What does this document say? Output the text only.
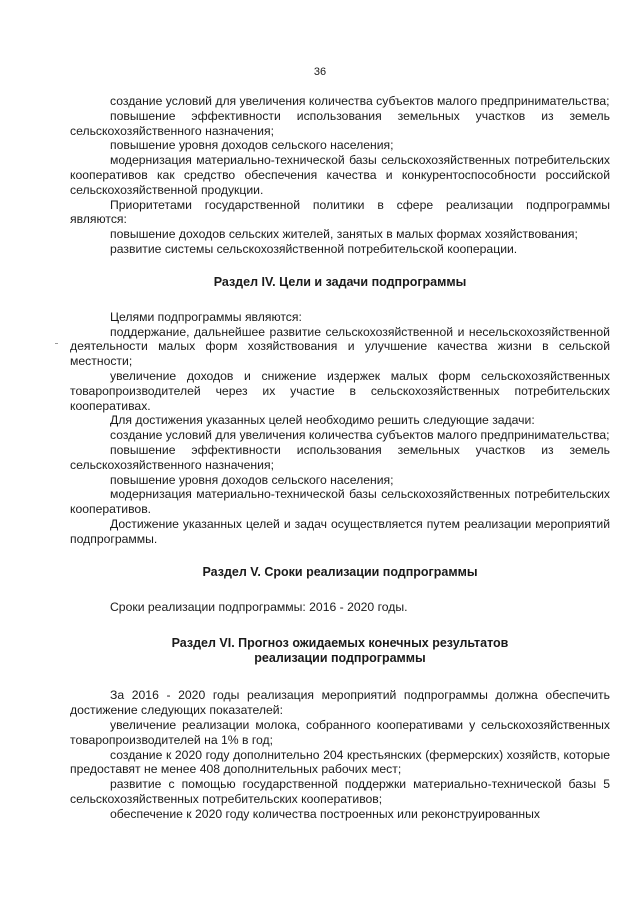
36

создание условий для увеличения количества субъектов малого предпринимательства;

повышение эффективности использования земельных участков из земель сельскохозяйственного назначения;

повышение уровня доходов сельского населения;

модернизация материально-технической базы сельскохозяйственных потребительских кооперативов как средство обеспечения качества и конкурентоспособности российской сельскохозяйственной продукции.

Приоритетами государственной политики в сфере реализации подпрограммы являются:

повышение доходов сельских жителей, занятых в малых формах хозяйствования;

развитие системы сельскохозяйственной потребительской кооперации.

Раздел IV. Цели и задачи подпрограммы

Целями подпрограммы являются:

поддержание, дальнейшее развитие сельскохозяйственной и несельскохозяйственной деятельности малых форм хозяйствования и улучшение качества жизни в сельской местности;

увеличение доходов и снижение издержек малых форм сельскохозяйственных товаропроизводителей через их участие в сельскохозяйственных потребительских кооперативах.

Для достижения указанных целей необходимо решить следующие задачи:

создание условий для увеличения количества субъектов малого предпринимательства;

повышение эффективности использования земельных участков из земель сельскохозяйственного назначения;

повышение уровня доходов сельского населения;

модернизация материально-технической базы сельскохозяйственных потребительских кооперативов.

Достижение указанных целей и задач осуществляется путем реализации мероприятий подпрограммы.

Раздел V. Сроки реализации подпрограммы

Сроки реализации подпрограммы: 2016 - 2020 годы.

Раздел VI. Прогноз ожидаемых конечных результатов
реализации подпрограммы

За 2016 - 2020 годы реализация мероприятий подпрограммы должна обеспечить достижение следующих показателей:

увеличение реализации молока, собранного кооперативами у сельскохозяйственных товаропроизводителей на 1% в год;

создание к 2020 году дополнительно 204 крестьянских (фермерских) хозяйств, которые предоставят не менее 408 дополнительных рабочих мест;

развитие с помощью государственной поддержки материально-технической базы 5 сельскохозяйственных потребительских кооперативов;

обеспечение к 2020 году количества построенных или реконструированных
